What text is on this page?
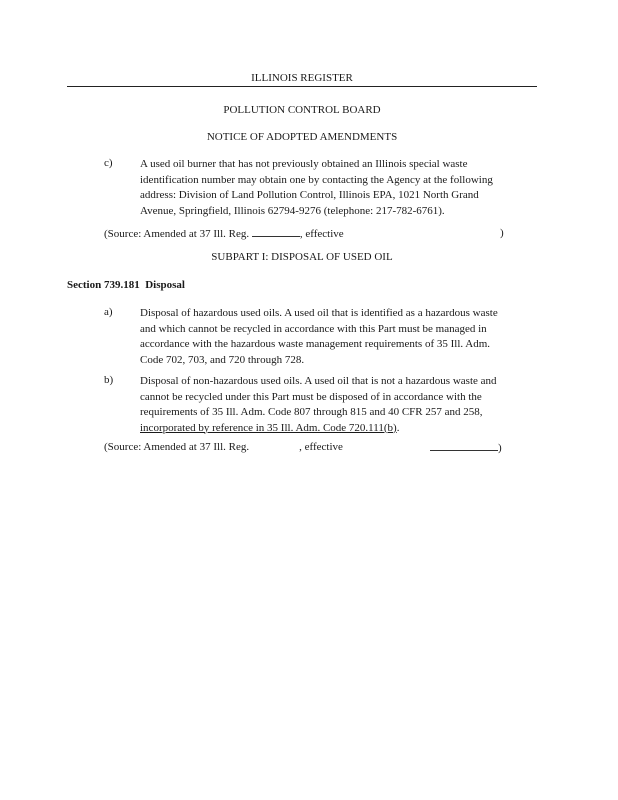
ILLINOIS REGISTER
POLLUTION CONTROL BOARD
NOTICE OF ADOPTED AMENDMENTS
c) A used oil burner that has not previously obtained an Illinois special waste
identification number may obtain one by contacting the Agency at the following
address: Division of Land Pollution Control, Illinois EPA, 1021 North Grand
Avenue, Springfield, Illinois 62794-9276 (telephone: 217-782-6761).
(Source: Amended at 37 Ill. Reg.	, effective	)
SUBPART I: DISPOSAL OF USED OIL
Section 739.181 Disposal
a) Disposal of hazardous used oils. A used oil that is identified as a hazardous waste
and which cannot be recycled in accordance with this Part must be managed in
accordance with the hazardous waste management requirements of 35 Ill. Adm.
Code 702, 703, and 720 through 728.
b) Disposal of non-hazardous used oils. A used oil that is not a hazardous waste and
cannot be recycled under this Part must be disposed of in accordance with the
requirements of 35 Ill. Adm. Code 807 through 815 and 40 CFR 257 and 258,
incorporated by reference in 35 Ill. Adm. Code 720.111(b).
(Source: Amended at 37 Ill. Reg.	, effective	)
